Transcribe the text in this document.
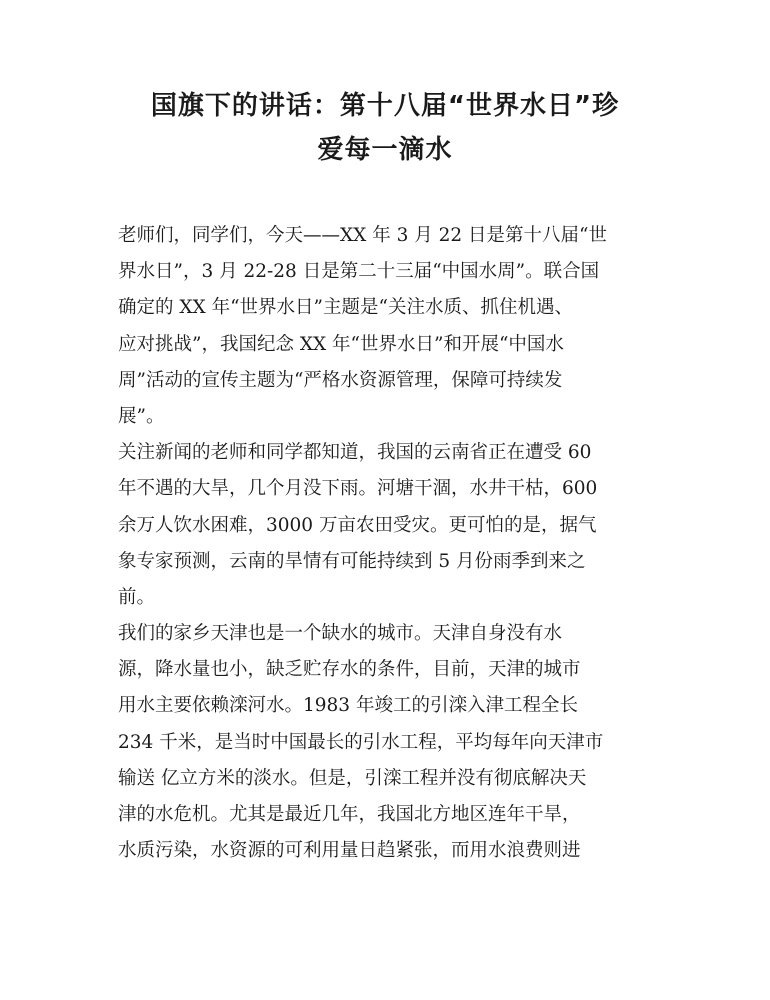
国旗下的讲话：第十八届“世界水日”珍
爱每一滴水
老师们，同学们，今天——XX 年 3 月 22 日是第十八届“世
界水日”，3 月 22-28 日是第二十三届“中国水周”。联合国
确定的 XX 年“世界水日”主题是“关注水质、抓住机遇、
应对挑战”，我国纪念 XX 年“世界水日”和开展“中国水
周”活动的宣传主题为“严格水资源管理，保障可持续发
展”。
关注新闻的老师和同学都知道，我国的云南省正在遭受 60
年不遇的大旱，几个月没下雨。河塘干涸，水井干枯，600
余万人饮水困难，3000 万亩农田受灾。更可怕的是，据气
象专家预测，云南的旱情有可能持续到 5 月份雨季到来之
前。
我们的家乡天津也是一个缺水的城市。天津自身没有水
源，降水量也小，缺乏贮存水的条件，目前，天津的城市
用水主要依赖滦河水。1983 年竣工的引滦入津工程全长
234 千米，是当时中国最长的引水工程，平均每年向天津市
输送 亿立方米的淡水。但是，引滦工程并没有彻底解决天
津的水危机。尤其是最近几年，我国北方地区连年干旱，
水质污染，水资源的可利用量日趋紧张，而用水浪费则进
